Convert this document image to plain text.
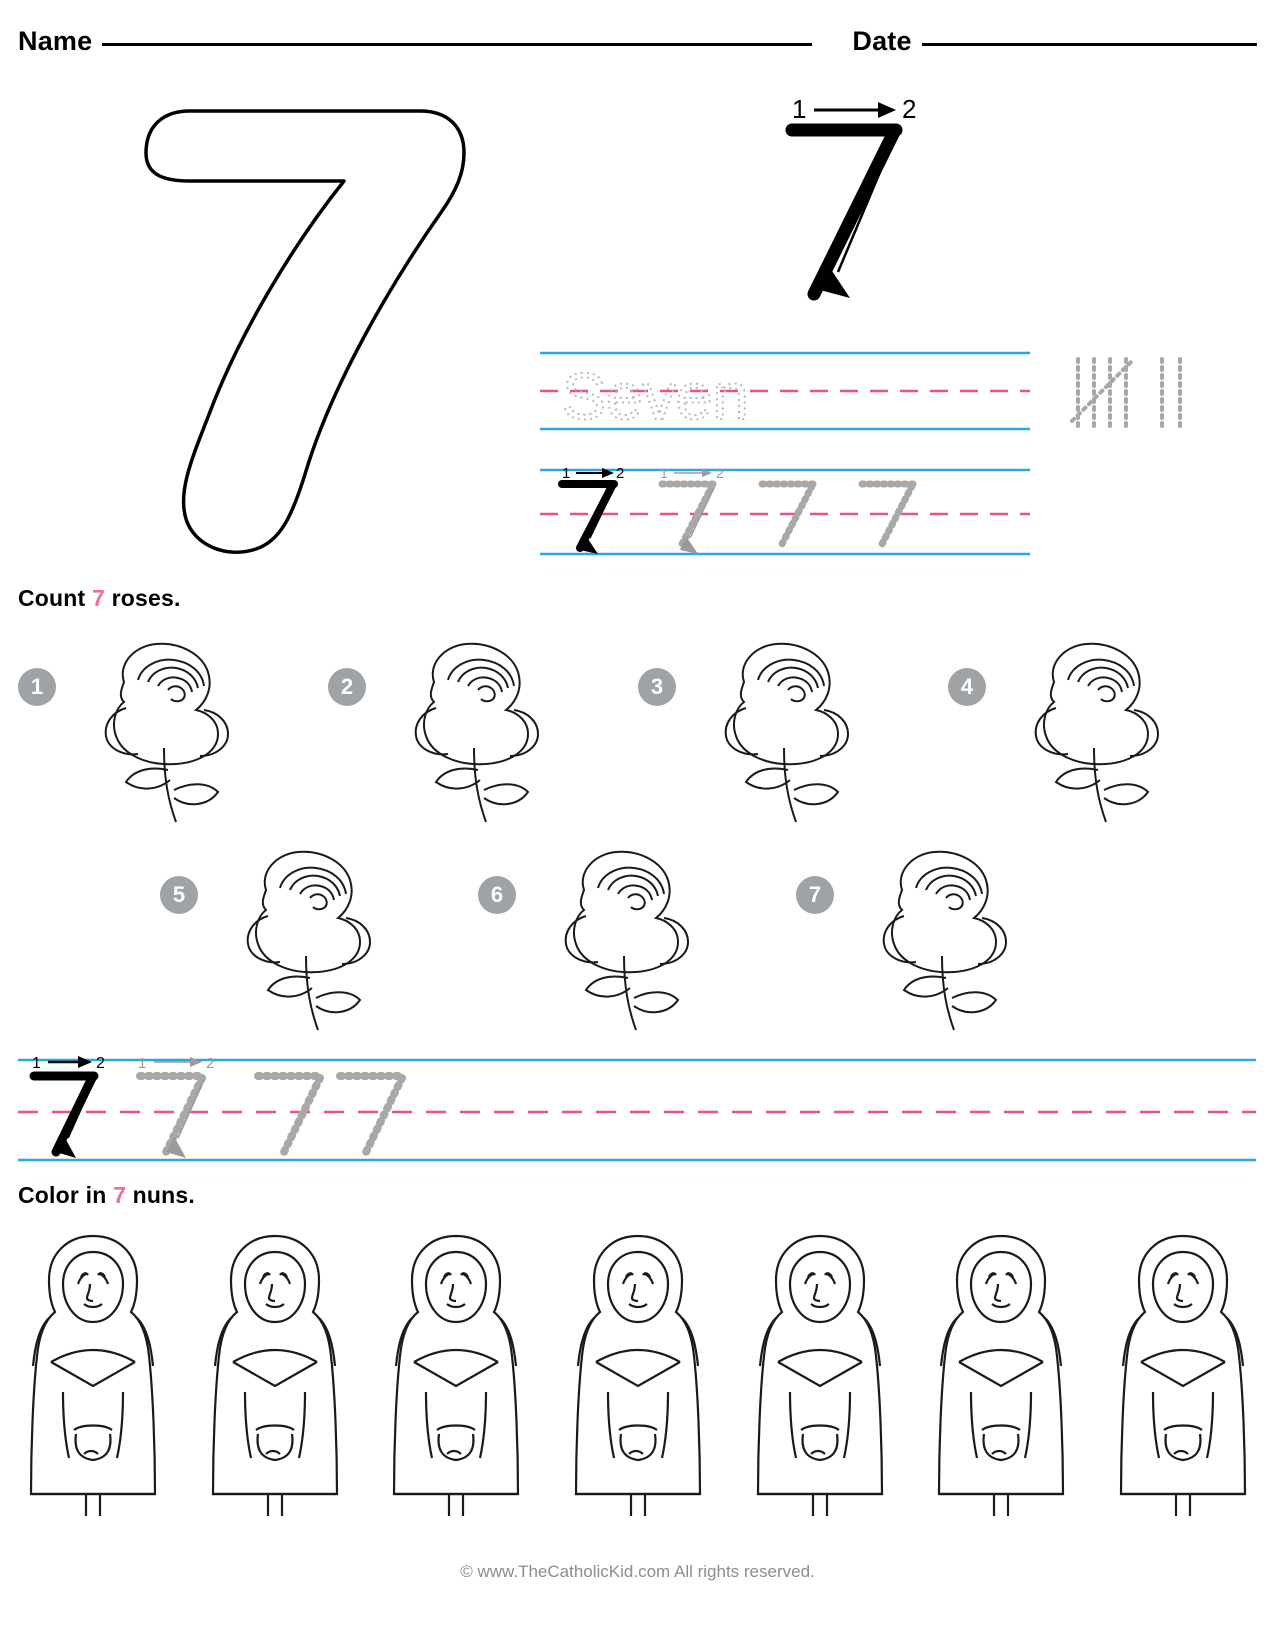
Name	Date
1	2
Seven
1	2	1	2
Count 7 roses.
1	2	3	4
5	6	7
1	2 1	2
Color in 7 nuns.
© www.TheCatholicKid.com All rights reserved.
